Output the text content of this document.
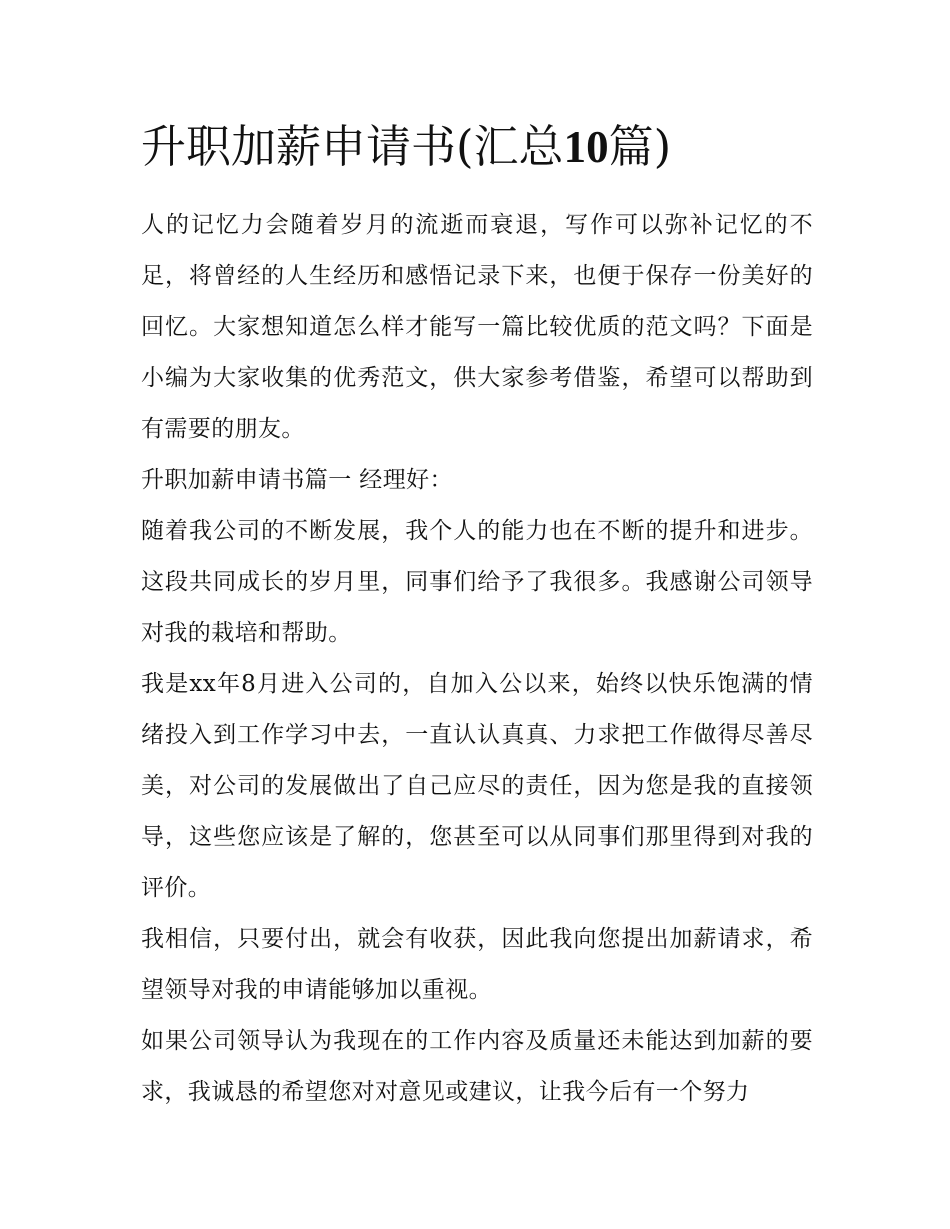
升职加薪申请书(汇总10篇)

人的记忆力会随着岁月的流逝而衰退，写作可以弥补记忆的不足，将曾经的人生经历和感悟记录下来，也便于保存一份美好的回忆。大家想知道怎么样才能写一篇比较优质的范文吗？下面是小编为大家收集的优秀范文，供大家参考借鉴，希望可以帮助到有需要的朋友。

升职加薪申请书篇一 经理好：

随着我公司的不断发展，我个人的能力也在不断的提升和进步。这段共同成长的岁月里，同事们给予了我很多。我感谢公司领导对我的栽培和帮助。

我是xx年8月进入公司的，自加入公以来，始终以快乐饱满的情绪投入到工作学习中去，一直认认真真、力求把工作做得尽善尽美，对公司的发展做出了自己应尽的责任，因为您是我的直接领导，这些您应该是了解的，您甚至可以从同事们那里得到对我的评价。

我相信，只要付出，就会有收获，因此我向您提出加薪请求，希望领导对我的申请能够加以重视。

如果公司领导认为我现在的工作内容及质量还未能达到加薪的要求，我诚恳的希望您对对意见或建议，让我今后有一个努力
